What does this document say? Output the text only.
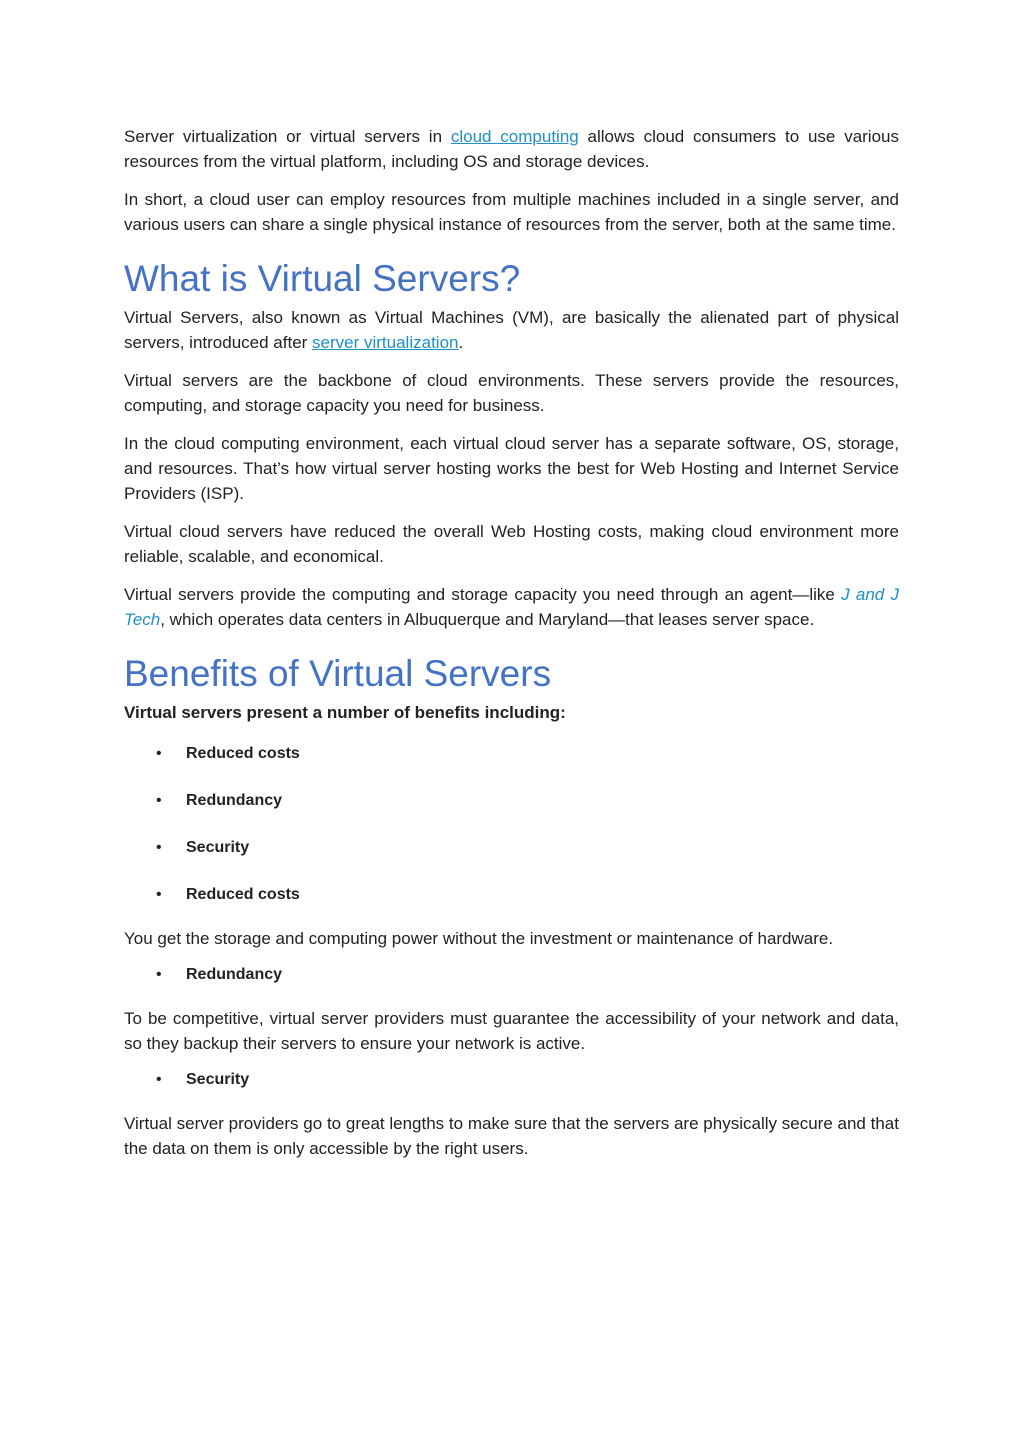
Server virtualization or virtual servers in cloud computing allows cloud consumers to use various resources from the virtual platform, including OS and storage devices.

In short, a cloud user can employ resources from multiple machines included in a single server, and various users can share a single physical instance of resources from the server, both at the same time.

What is Virtual Servers?

Virtual Servers, also known as Virtual Machines (VM), are basically the alienated part of physical servers, introduced after server virtualization.

Virtual servers are the backbone of cloud environments. These servers provide the resources, computing, and storage capacity you need for business.

In the cloud computing environment, each virtual cloud server has a separate software, OS, storage, and resources. That’s how virtual server hosting works the best for Web Hosting and Internet Service Providers (ISP).

Virtual cloud servers have reduced the overall Web Hosting costs, making cloud environment more reliable, scalable, and economical.

Virtual servers provide the computing and storage capacity you need through an agent—like J and J Tech, which operates data centers in Albuquerque and Maryland—that leases server space.

Benefits of Virtual Servers

Virtual servers present a number of benefits including:

• Reduced costs
• Redundancy
• Security
• Reduced costs

You get the storage and computing power without the investment or maintenance of hardware.

• Redundancy

To be competitive, virtual server providers must guarantee the accessibility of your network and data, so they backup their servers to ensure your network is active.

• Security

Virtual server providers go to great lengths to make sure that the servers are physically secure and that the data on them is only accessible by the right users.
